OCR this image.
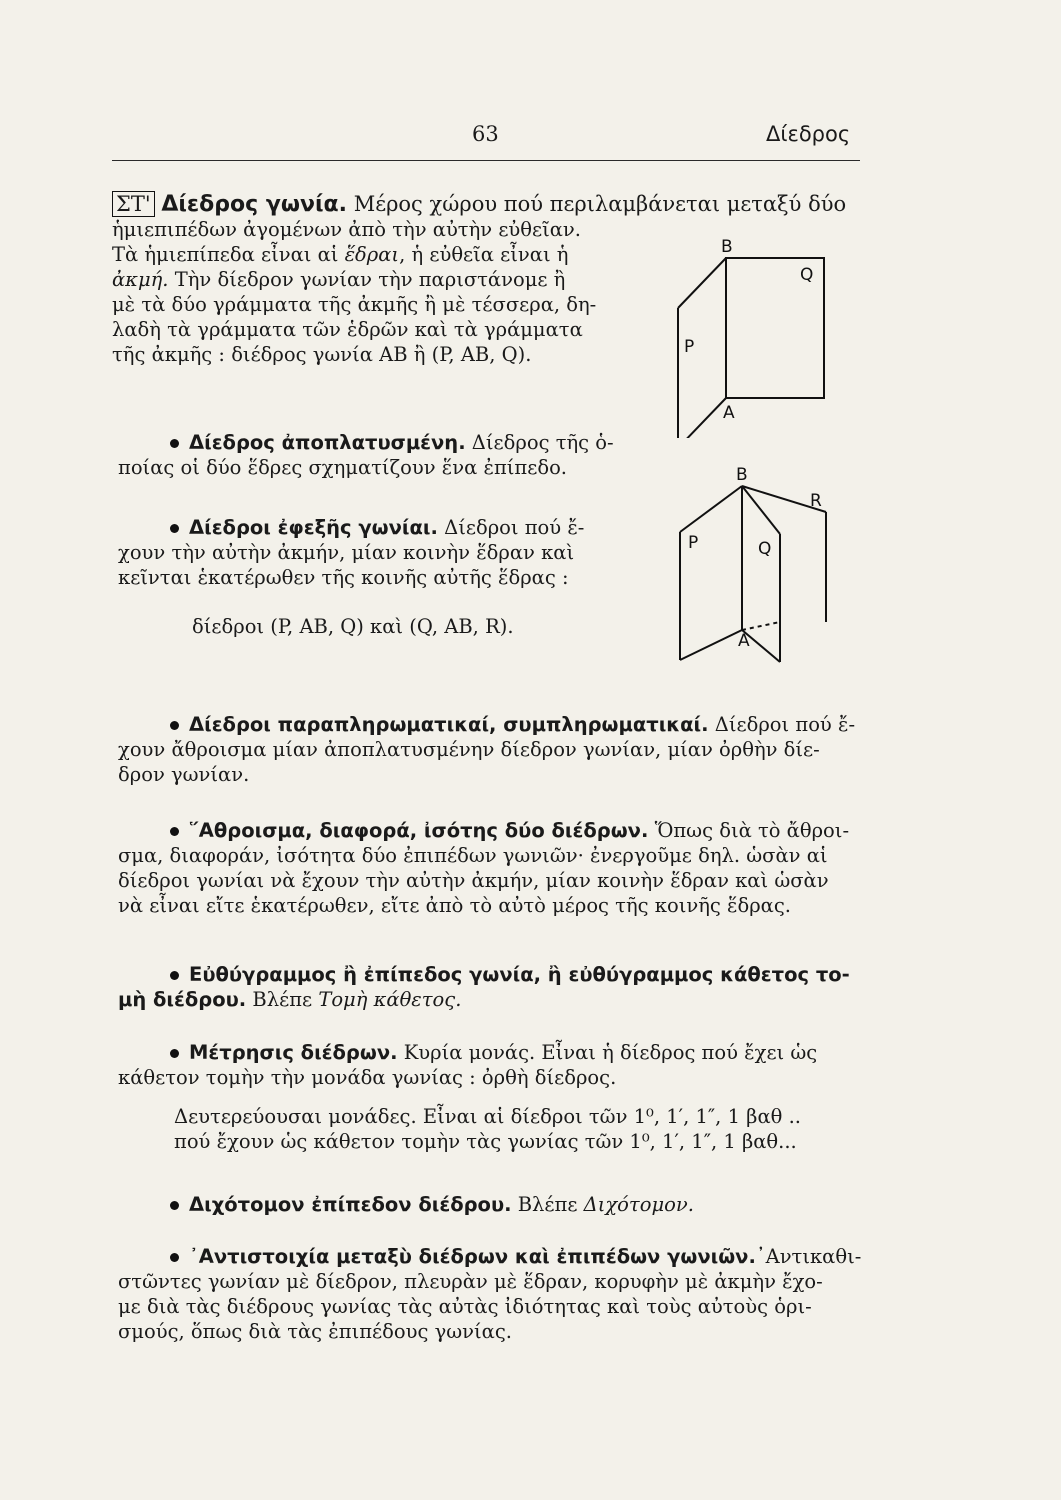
63	Δίεδρος
ΣΤ' Δίεδρος γωνία. Μέρος χώρου πού περιλαμβάνεται μεταξύ δύο
ἡμιεπιπέδων ἀγομένων ἀπὸ τὴν αὐτὴν εὐθεῖαν.
Τὰ ἡμιεπίπεδα εἶναι αἱ ἕδραι, ἡ εὐθεῖα εἶναι ἡ
ἀκμή. Τὴν δίεδρον γωνίαν τὴν παριστάνομε ἢ
μὲ τὰ δύο γράμματα τῆς ἀκμῆς ἢ μὲ τέσσερα, δη-
λαδὴ τὰ γράμματα τῶν ἑδρῶν καὶ τὰ γράμματα
τῆς ἀκμῆς : διέδρος γωνία ΑΒ ἢ (P, ΑΒ, Q).
B
Q
P
A
B
R
P	Q
A
Δίεδρος ἀποπλατυσμένη. Δίεδρος τῆς ὁ-
ποίας οἱ δύο ἕδρες σχηματίζουν ἕνα ἐπίπεδο.
Δίεδροι ἐφεξῆς γωνίαι. Δίεδροι πού ἔ-
χουν τὴν αὐτὴν ἀκμήν, μίαν κοινὴν ἕδραν καὶ
κεῖνται ἑκατέρωθεν τῆς κοινῆς αὐτῆς ἕδρας :
δίεδροι (P, ΑΒ, Q) καὶ (Q, ΑΒ, R).
Δίεδροι παραπληρωματικαί, συμπληρωματικαί. Δίεδροι πού ἔ-
χουν ἄθροισμα μίαν ἀποπλατυσμένην δίεδρον γωνίαν, μίαν ὀρθὴν δίε-
δρον γωνίαν.
῞Αθροισμα, διαφορά, ἰσότης δύο διέδρων. Ὅπως διὰ τὸ ἄθροι-
σμα, διαφοράν, ἰσότητα δύο ἐπιπέδων γωνιῶν· ἐνεργοῦμε δηλ. ὡσὰν αἱ
δίεδροι γωνίαι νὰ ἔχουν τὴν αὐτὴν ἀκμήν, μίαν κοινὴν ἕδραν καὶ ὡσὰν
νὰ εἶναι εἴτε ἑκατέρωθεν, εἴτε ἀπὸ τὸ αὐτὸ μέρος τῆς κοινῆς ἕδρας.
Εὐθύγραμμος ἢ ἐπίπεδος γωνία, ἢ εὐθύγραμμος κάθετος το-
μὴ διέδρου. Βλέπε Τομὴ κάθετος.
Μέτρησις διέδρων. Κυρία μονάς. Εἶναι ἡ δίεδρος πού ἔχει ὡς
κάθετον τομὴν τὴν μονάδα γωνίας : ὀρθὴ δίεδρος.
Δευτερεύουσαι μονάδες. Εἶναι αἱ δίεδροι τῶν 1⁰, 1′, 1″, 1 βαθ ..
πού ἔχουν ὡς κάθετον τομὴν τὰς γωνίας τῶν 1⁰, 1′, 1″, 1 βαθ...
Διχότομον ἐπίπεδον διέδρου. Βλέπε Διχότομον.
᾽Αντιστοιχία μεταξὺ διέδρων καὶ ἐπιπέδων γωνιῶν.᾽Αντικαθι-
στῶντες γωνίαν μὲ δίεδρον, πλευρὰν μὲ ἕδραν, κορυφὴν μὲ ἀκμὴν ἔχο-
με διὰ τὰς διέδρους γωνίας τὰς αὐτὰς ἰδιότητας καὶ τοὺς αὐτοὺς ὁρι-
σμούς, ὅπως διὰ τὰς ἐπιπέδους γωνίας.
